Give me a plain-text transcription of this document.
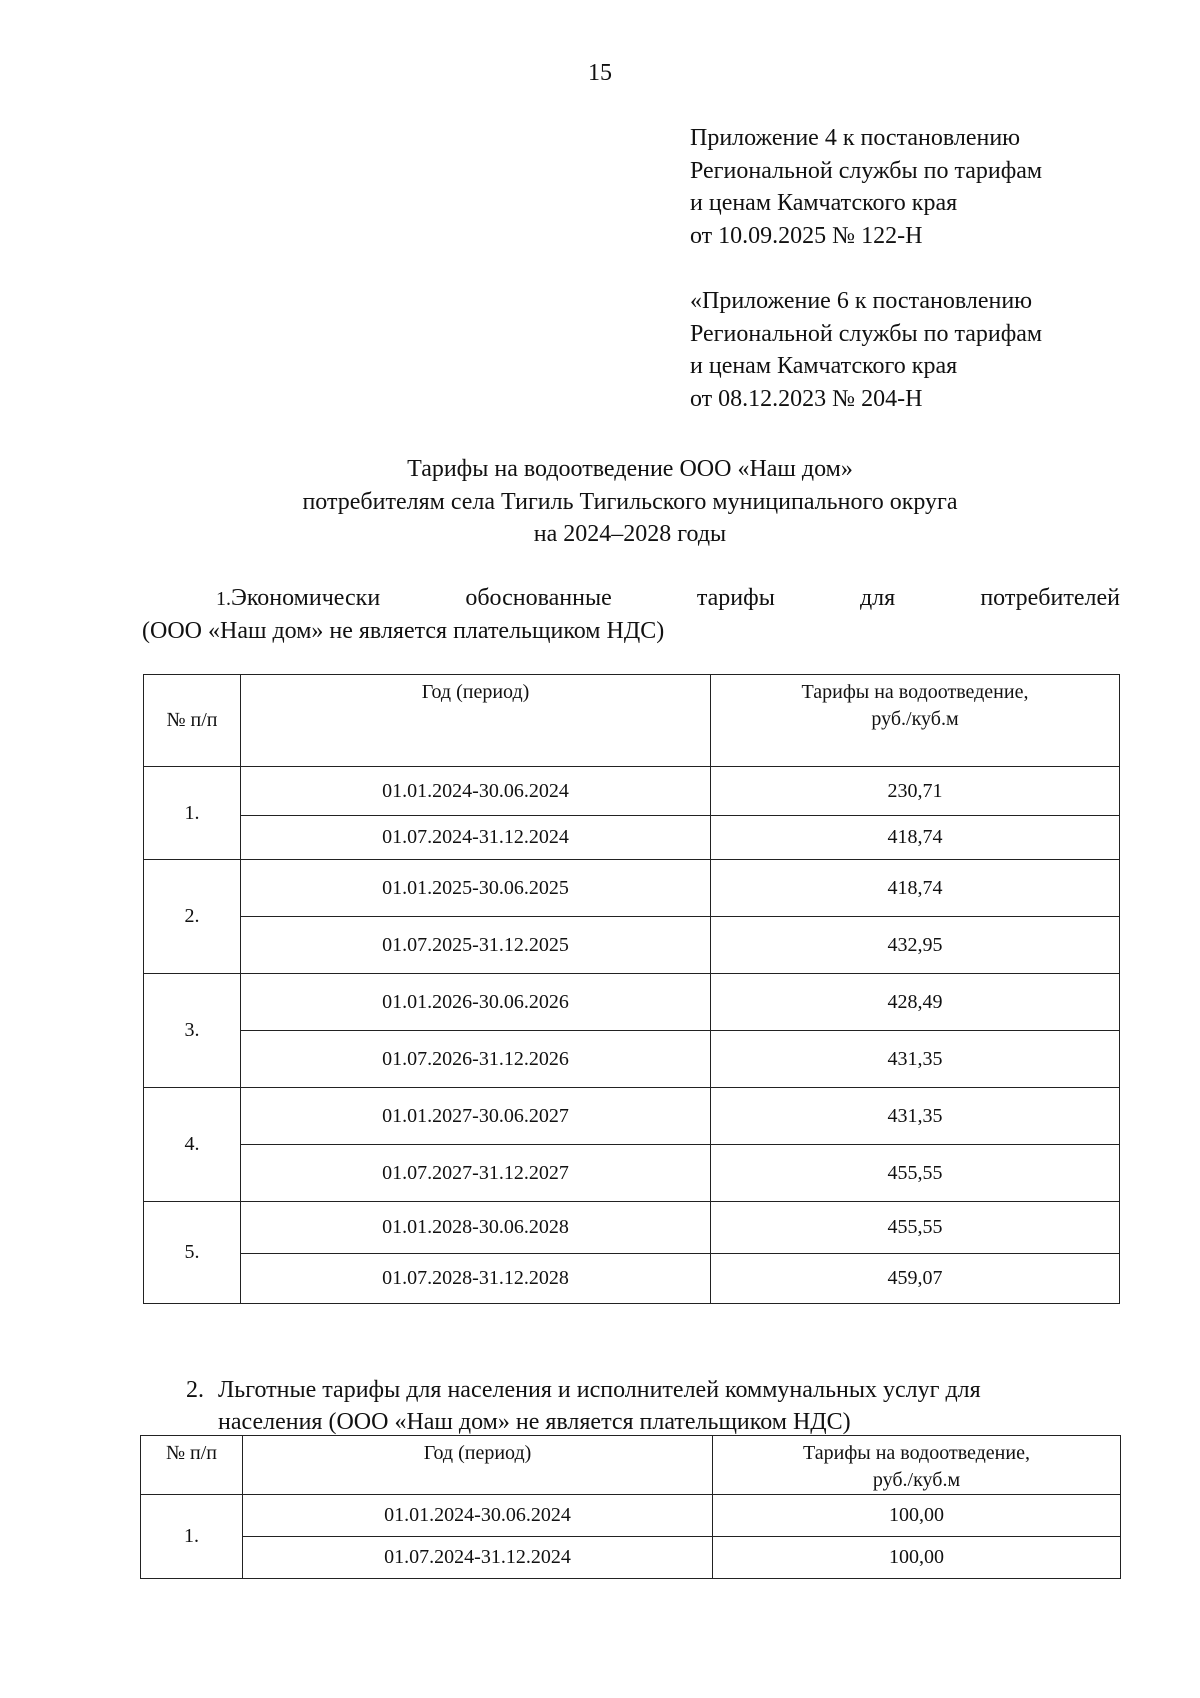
15
Приложение 4 к постановлению
Региональной службы по тарифам
и ценам Камчатского края
от 10.09.2025 № 122-Н
«Приложение 6 к постановлению
Региональной службы по тарифам
и ценам Камчатского края
от 08.12.2023 № 204-Н
Тарифы на водоотведение ООО «Наш дом»
потребителям села Тигиль Тигильского муниципального округа
на 2024–2028 годы
1. Экономически	обоснованные	тарифы	для	потребителей
(ООО «Наш дом» не является плательщиком НДС)
№ п/п	Год (период)	Тарифы на водоотведение,
руб./куб.м

1.	01.01.2024-30.06.2024	230,71
	01.07.2024-31.12.2024	418,74
2.	01.01.2025-30.06.2025	418,74
	01.07.2025-31.12.2025	432,95
3.	01.01.2026-30.06.2026	428,49
	01.07.2026-31.12.2026	431,35
4.	01.01.2027-30.06.2027	431,35
	01.07.2027-31.12.2027	455,55
5.	01.01.2028-30.06.2028	455,55
	01.07.2028-31.12.2028	459,07
2. Льготные тарифы для населения и исполнителей коммунальных услуг для
населения (ООО «Наш дом» не является плательщиком НДС)
№ п/п	Год (период)	Тарифы на водоотведение,
руб./куб.м

1.	01.01.2024-30.06.2024	100,00
	01.07.2024-31.12.2024	100,00
